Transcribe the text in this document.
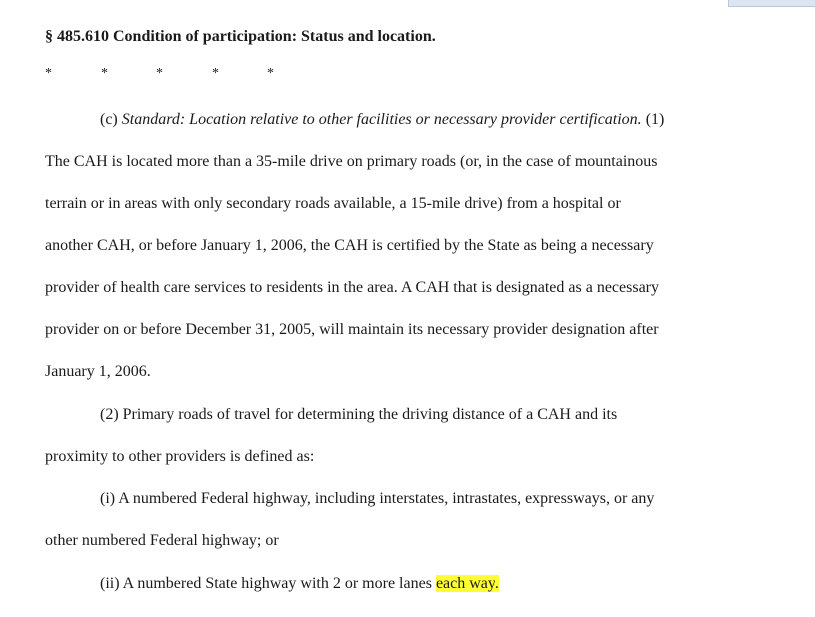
§ 485.610 Condition of participation: Status and location.
*	*	*	*	*
(c) Standard: Location relative to other facilities or necessary provider certification. (1)
The CAH is located more than a 35-mile drive on primary roads (or, in the case of mountainous
terrain or in areas with only secondary roads available, a 15-mile drive) from a hospital or
another CAH, or before January 1, 2006, the CAH is certified by the State as being a necessary
provider of health care services to residents in the area. A CAH that is designated as a necessary
provider on or before December 31, 2005, will maintain its necessary provider designation after
January 1, 2006.
(2) Primary roads of travel for determining the driving distance of a CAH and its
proximity to other providers is defined as:
(i) A numbered Federal highway, including interstates, intrastates, expressways, or any
other numbered Federal highway; or
(ii) A numbered State highway with 2 or more lanes each way.
